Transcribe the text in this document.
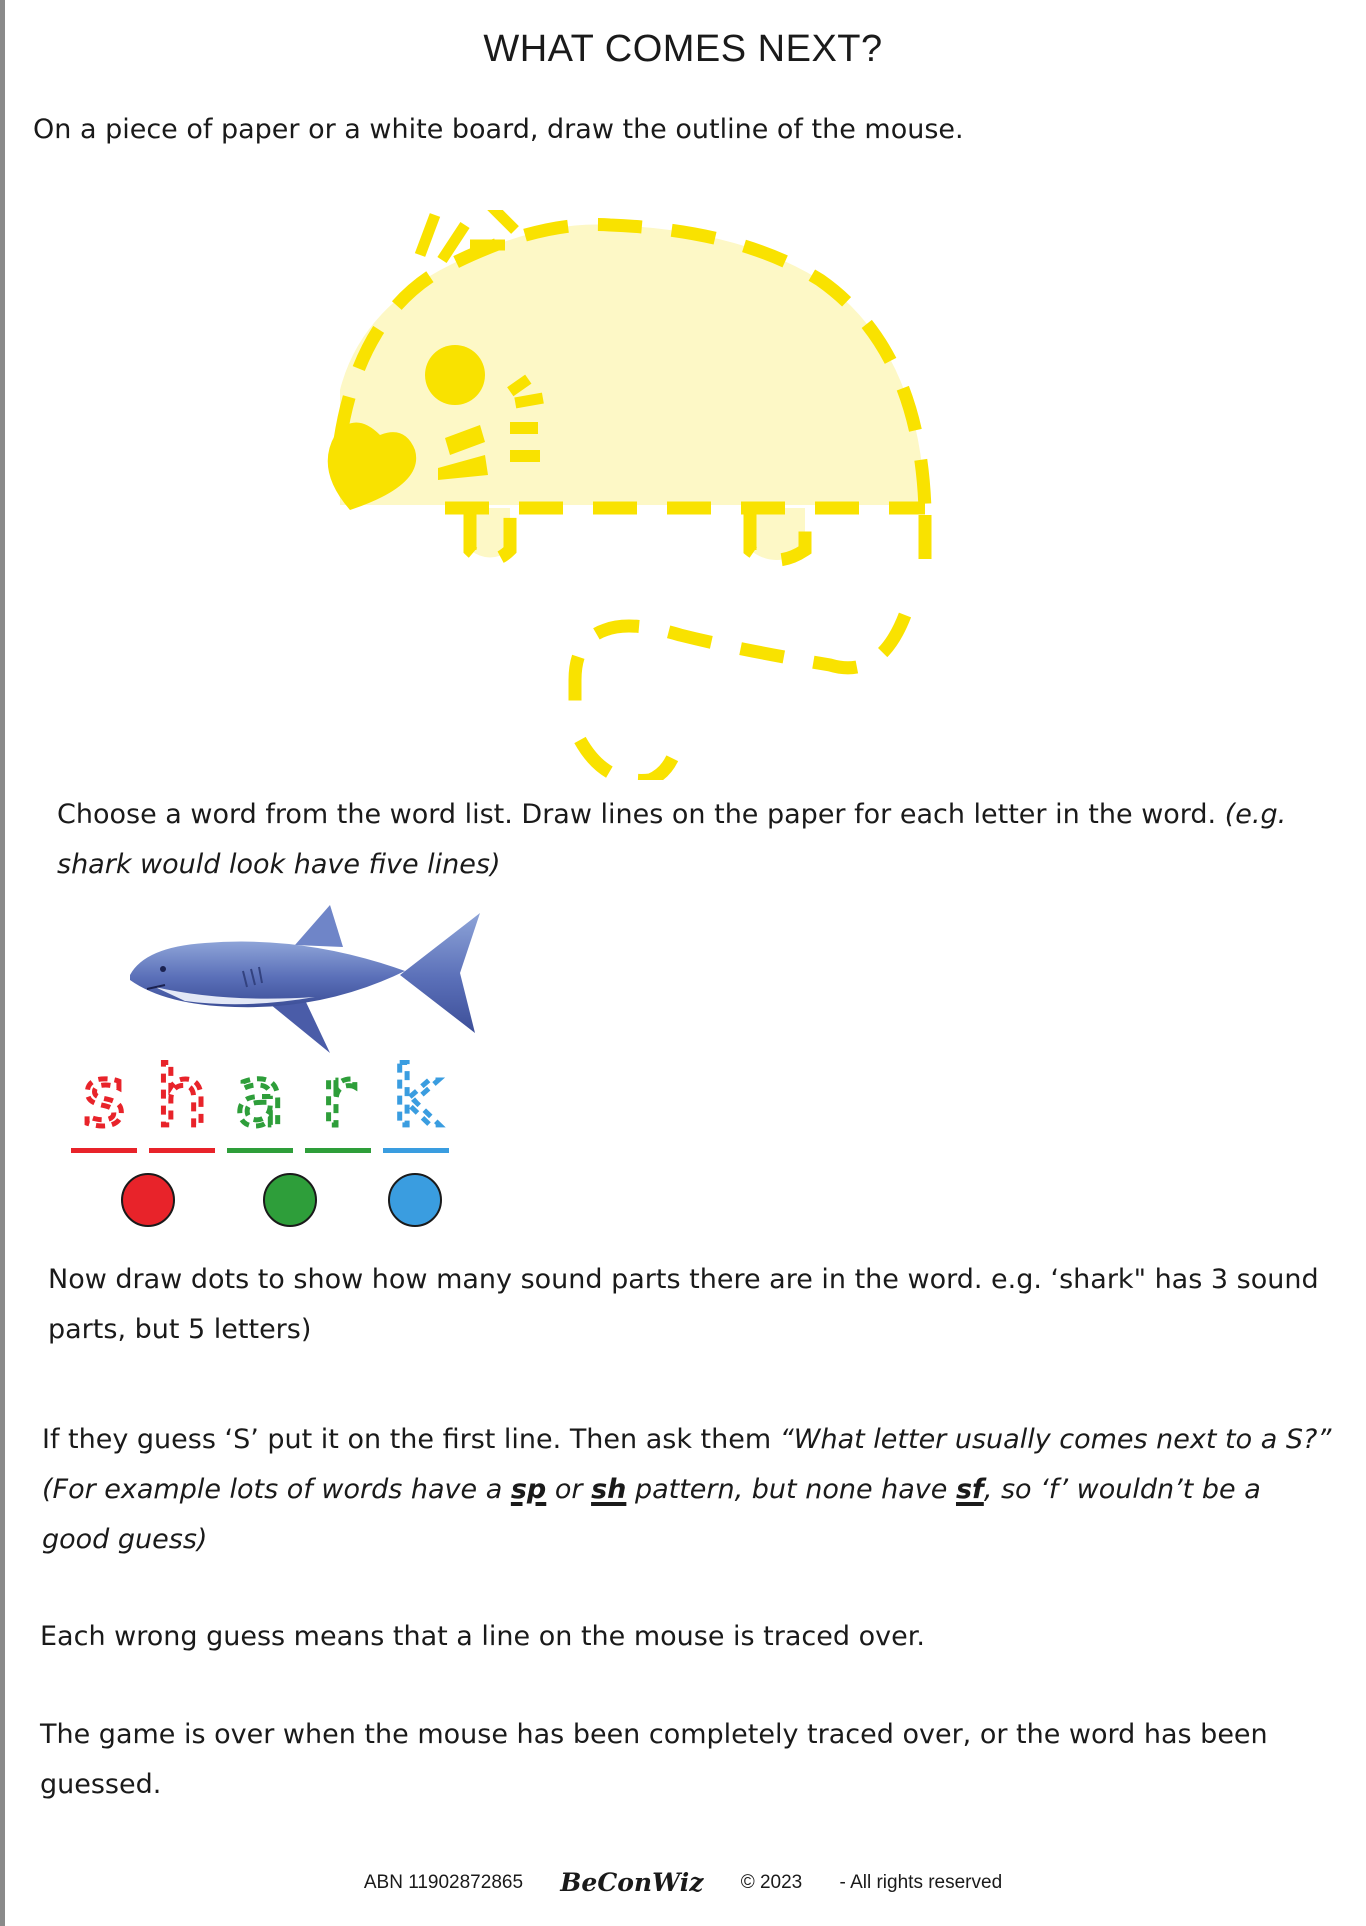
WHAT COMES NEXT?

On a piece of paper or a white board, draw the outline of the mouse.

Choose a word from the word list. Draw lines on the paper for each letter in the word. (e.g. shark would look have five lines)

s h a r k

Now draw dots to show how many sound parts there are in the word. e.g. ‘shark" has 3 sound parts, but 5 letters)

If they guess ‘S’ put it on the first line. Then ask them “What letter usually comes next to a S?” (For example lots of words have a sp or sh pattern, but none have sf, so ‘f’ wouldn’t be a good guess)

Each wrong guess means that a line on the mouse is traced over.

The game is over when the mouse has been completely traced over, or the word has been guessed.

ABN 11902872865 BeConWiz © 2023 - All rights reserved
